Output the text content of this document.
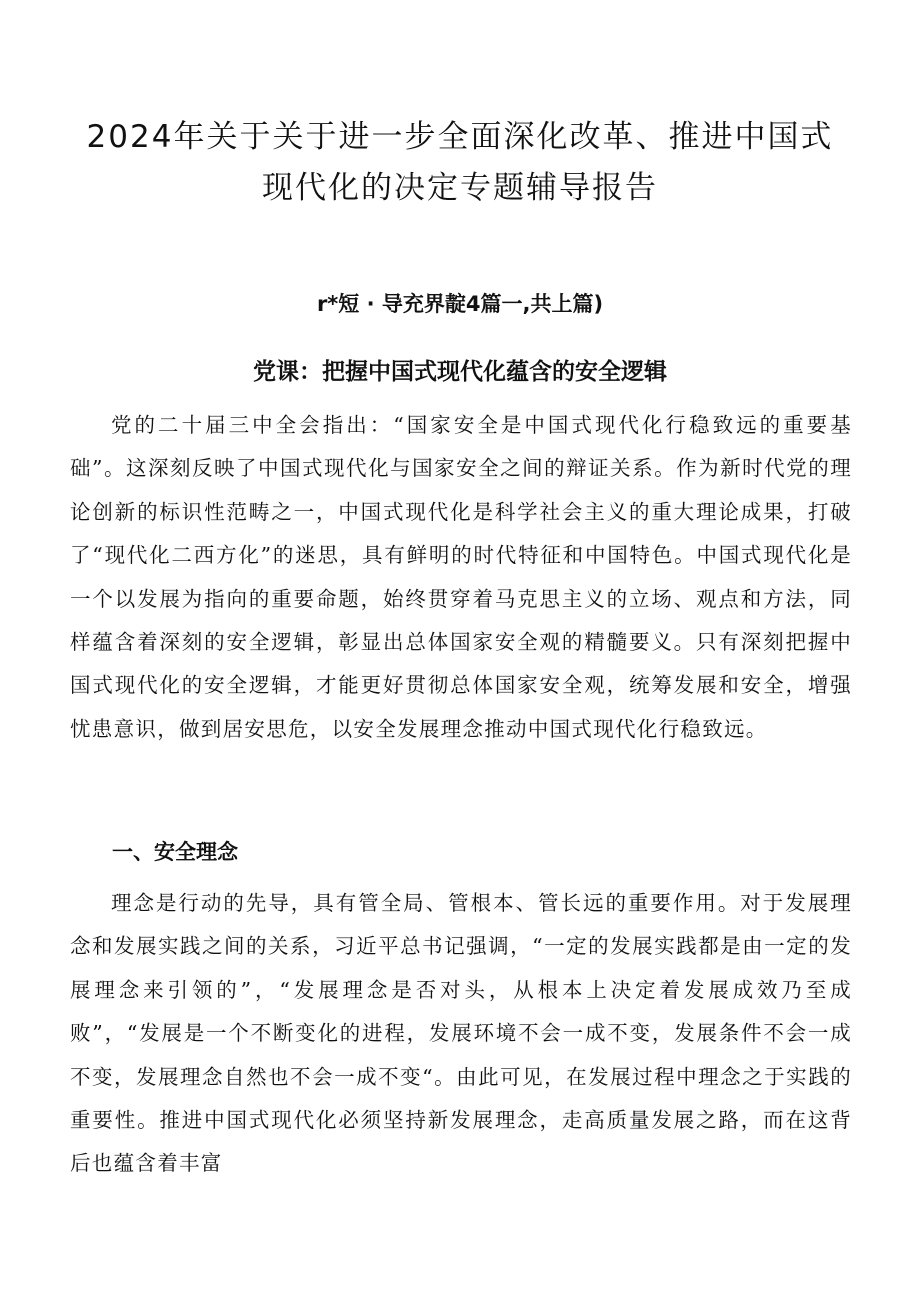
2024年关于关于进一步全面深化改革、推进中国式
现代化的决定专题辅导报告
r*短 · 导充界靛4篇一,共上篇)
党课：把握中国式现代化蕴含的安全逻辑

党的二十届三中全会指出：“国家安全是中国式现代化行稳致远的重要基础”。这深刻反映了中国式现代化与国家安全之间的辩证关系。作为新时代党的理论创新的标识性范畴之一，中国式现代化是科学社会主义的重大理论成果，打破了“现代化二西方化”的迷思，具有鲜明的时代特征和中国特色。中国式现代化是一个以发展为指向的重要命题，始终贯穿着马克思主义的立场、观点和方法，同样蕴含着深刻的安全逻辑，彰显出总体国家安全观的精髓要义。只有深刻把握中国式现代化的安全逻辑，才能更好贯彻总体国家安全观，统筹发展和安全，增强忧患意识，做到居安思危，以安全发展理念推动中国式现代化行稳致远。

一、安全理念

理念是行动的先导，具有管全局、管根本、管长远的重要作用。对于发展理念和发展实践之间的关系，习近平总书记强调，“一定的发展实践都是由一定的发展理念来引领的”，“发展理念是否对头，从根本上决定着发展成效乃至成败”，“发展是一个不断变化的进程，发展环境不会一成不变，发展条件不会一成不变，发展理念自然也不会一成不变“。由此可见，在发展过程中理念之于实践的重要性。推进中国式现代化必须坚持新发展理念，走高质量发展之路，而在这背后也蕴含着丰富
